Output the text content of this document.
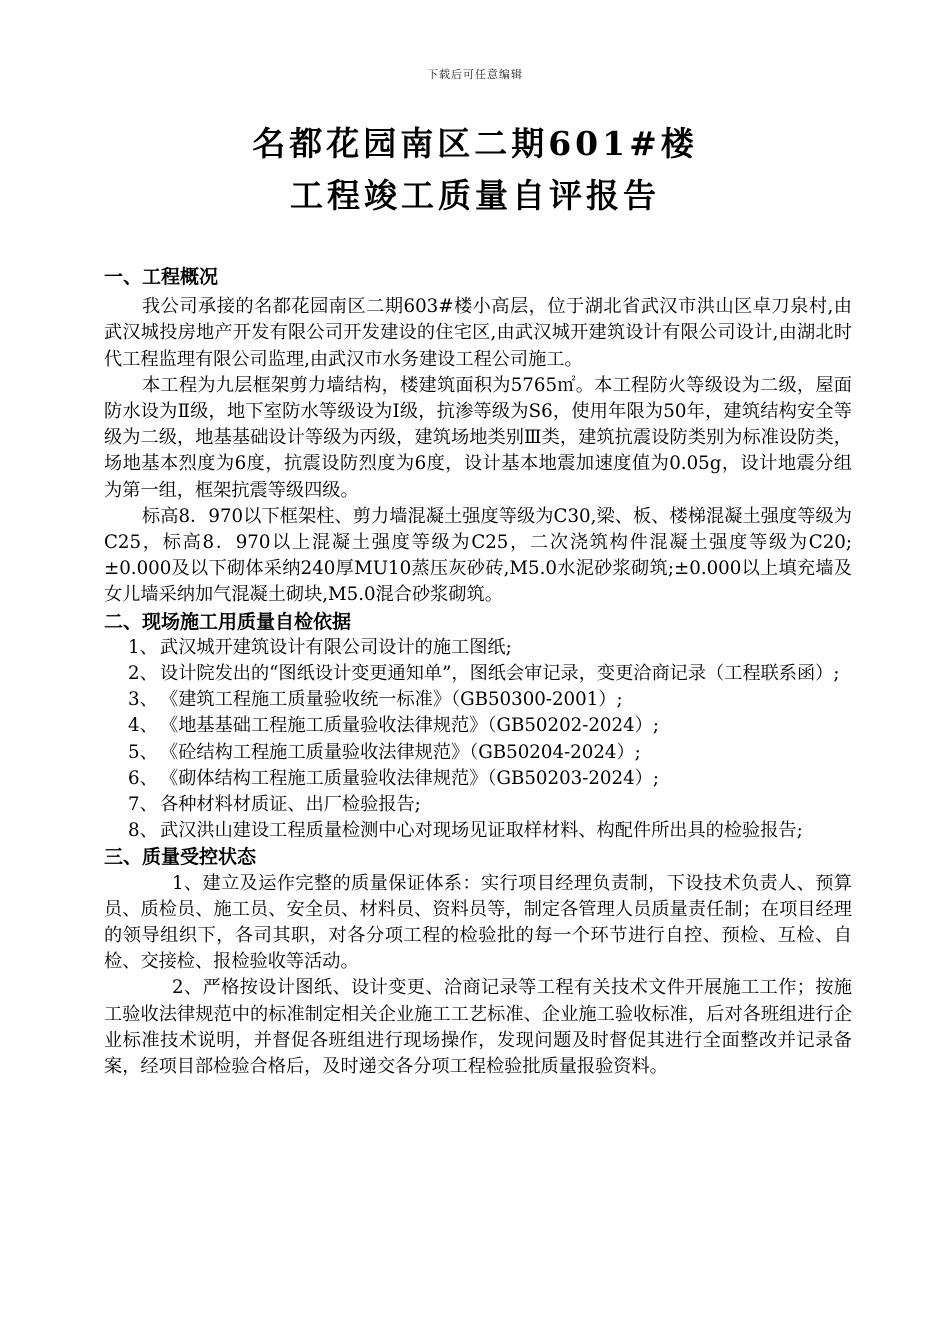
下载后可任意编辑
名都花园南区二期601#楼
工程竣工质量自评报告
一、工程概况

我公司承接的名都花园南区二期603#楼小高层，位于湖北省武汉市洪山区卓刀泉村,由武汉城投房地产开发有限公司开发建设的住宅区,由武汉城开建筑设计有限公司设计,由湖北时代工程监理有限公司监理,由武汉市水务建设工程公司施工。

本工程为九层框架剪力墙结构，楼建筑面积为5765㎡。本工程防火等级设为二级，屋面防水设为Ⅱ级，地下室防水等级设为Ⅰ级，抗渗等级为S6，使用年限为50年，建筑结构安全等级为二级，地基基础设计等级为丙级，建筑场地类别Ⅲ类，建筑抗震设防类别为标准设防类，场地基本烈度为6度，抗震设防烈度为6度，设计基本地震加速度值为0.05g，设计地震分组为第一组，框架抗震等级四级。

标高8．970以下框架柱、剪力墙混凝土强度等级为C30,梁、板、楼梯混凝土强度等级为C25，标高8．970以上混凝土强度等级为C25，二次浇筑构件混凝土强度等级为C20;±0.000及以下砌体采纳240厚MU10蒸压灰砂砖,M5.0水泥砂浆砌筑;±0.000以上填充墙及女儿墙采纳加气混凝土砌块,M5.0混合砂浆砌筑。

二、现场施工用质量自检依据
1、 武汉城开建筑设计有限公司设计的施工图纸;
2、 设计院发出的“图纸设计变更通知单”，图纸会审记录，变更洽商记录（工程联系函）;
3、 《建筑工程施工质量验收统一标准》（GB50300-2001）;
4、 《地基基础工程施工质量验收法律规范》（GB50202-2024）;
5、 《砼结构工程施工质量验收法律规范》（GB50204-2024）;
6、 《砌体结构工程施工质量验收法律规范》（GB50203-2024）;
7、 各种材料材质证、出厂检验报告;
8、 武汉洪山建设工程质量检测中心对现场见证取样材料、构配件所出具的检验报告;
三、质量受控状态

1、建立及运作完整的质量保证体系：实行项目经理负责制，下设技术负责人、预算员、质检员、施工员、安全员、材料员、资料员等，制定各管理人员质量责任制；在项目经理的领导组织下，各司其职，对各分项工程的检验批的每一个环节进行自控、预检、互检、自检、交接检、报检验收等活动。

2、严格按设计图纸、设计变更、洽商记录等工程有关技术文件开展施工工作；按施工验收法律规范中的标准制定相关企业施工工艺标准、企业施工验收标准，后对各班组进行企业标准技术说明，并督促各班组进行现场操作，发现问题及时督促其进行全面整改并记录备案，经项目部检验合格后，及时递交各分项工程检验批质量报验资料。
